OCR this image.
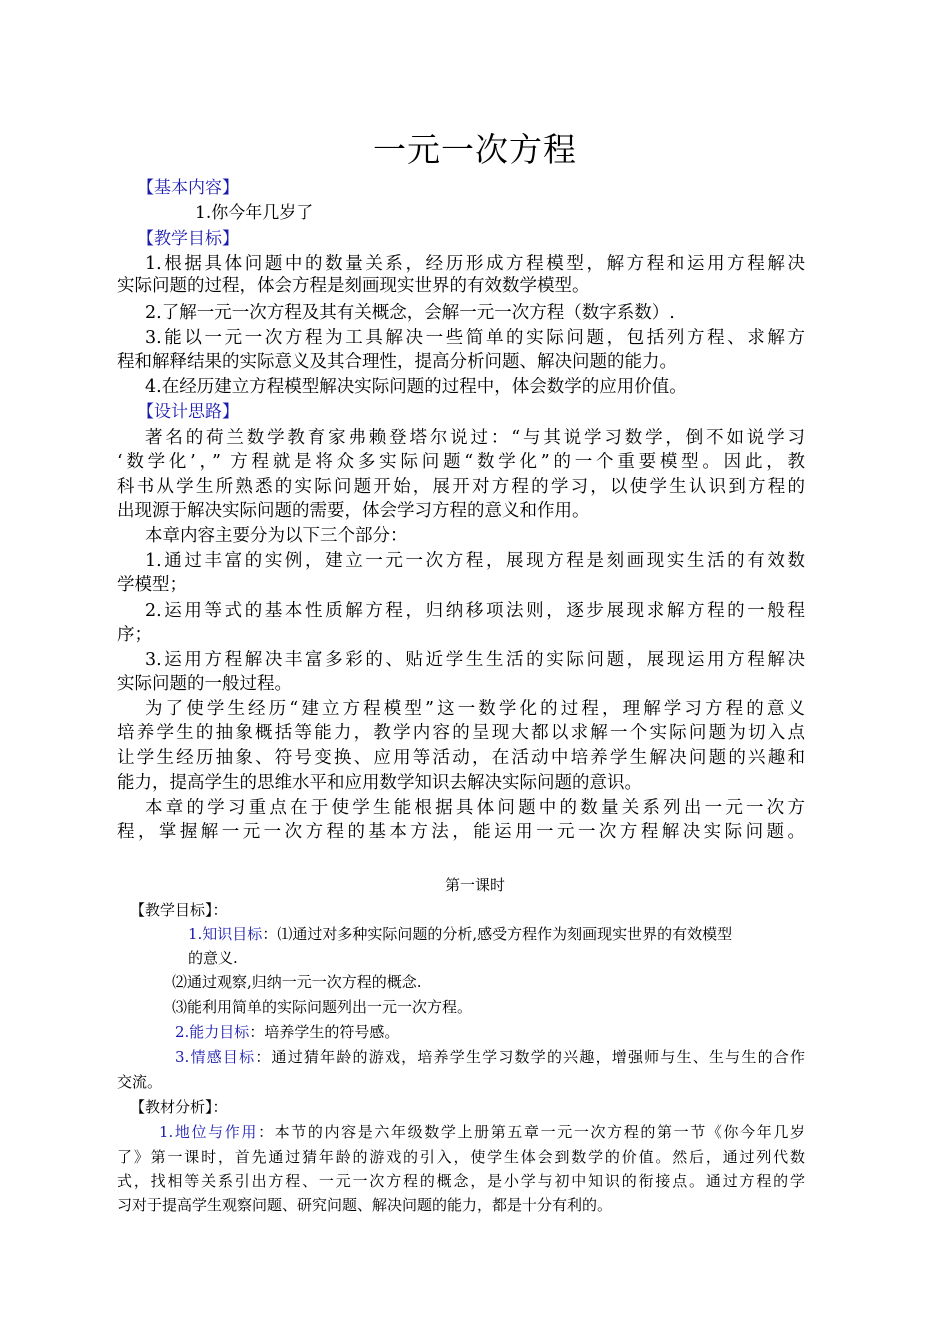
一元一次方程
【基本内容】
1.你今年几岁了
【教学目标】
1.根据具体问题中的数量关系，经历形成方程模型，解方程和运用方程解决
实际问题的过程，体会方程是刻画现实世界的有效数学模型。
2.了解一元一次方程及其有关概念，会解一元一次方程（数字系数）.
3.能以一元一次方程为工具解决一些简单的实际问题，包括列方程、求解方
程和解释结果的实际意义及其合理性，提高分析问题、解决问题的能力。
4.在经历建立方程模型解决实际问题的过程中，体会数学的应用价值。
【设计思路】
著名的荷兰数学教育家弗赖登塔尔说过：“与其说学习数学，倒不如说学习
‘数学化’，” 方程就是将众多实际问题“数学化”的一个重要模型。因此，教
科书从学生所熟悉的实际问题开始，展开对方程的学习，以使学生认识到方程的
出现源于解决实际问题的需要，体会学习方程的意义和作用。
本章内容主要分为以下三个部分：
1.通过丰富的实例，建立一元一次方程，展现方程是刻画现实生活的有效数
学模型；
2.运用等式的基本性质解方程，归纳移项法则，逐步展现求解方程的一般程
序；
3.运用方程解决丰富多彩的、贴近学生生活的实际问题，展现运用方程解决
实际问题的一般过程。
为了使学生经历“建立方程模型”这一数学化的过程，理解学习方程的意义
培养学生的抽象概括等能力，教学内容的呈现大都以求解一个实际问题为切入点
让学生经历抽象、符号变换、应用等活动，在活动中培养学生解决问题的兴趣和
能力，提高学生的思维水平和应用数学知识去解决实际问题的意识。
本章的学习重点在于使学生能根据具体问题中的数量关系列出一元一次方
程，掌握解一元一次方程的基本方法，能运用一元一次方程解决实际问题。
第一课时
【教学目标】：
1.知识目标：⑴通过对多种实际问题的分析,感受方程作为刻画现实世界的有效模型
的意义.
⑵通过观察,归纳一元一次方程的概念.
⑶能利用简单的实际问题列出一元一次方程。
2.能力目标：培养学生的符号感。
3.情感目标：通过猜年龄的游戏，培养学生学习数学的兴趣，增强师与生、生与生的合作
交流。
【教材分析】：
1.地位与作用：本节的内容是六年级数学上册第五章一元一次方程的第一节《你今年几岁
了》第一课时，首先通过猜年龄的游戏的引入，使学生体会到数学的价值。然后，通过列代数
式，找相等关系引出方程、一元一次方程的概念，是小学与初中知识的衔接点。通过方程的学
习对于提高学生观察问题、研究问题、解决问题的能力，都是十分有利的。
